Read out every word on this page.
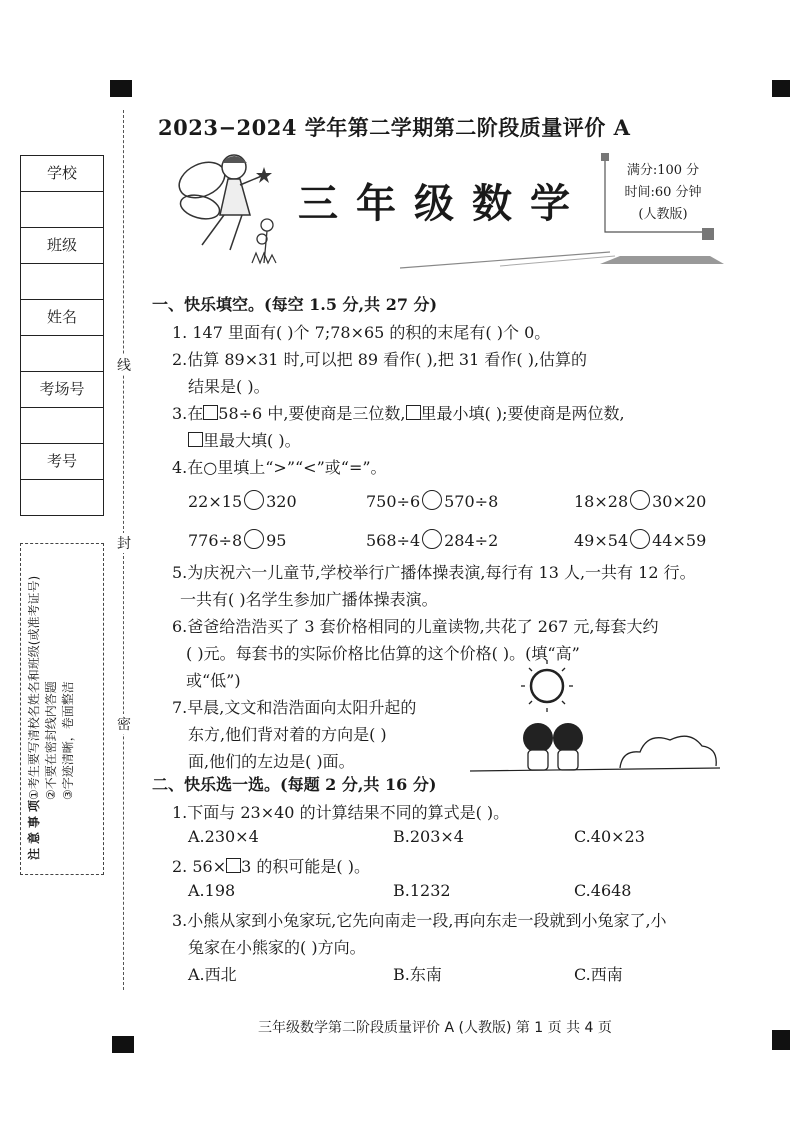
学校
班级
姓名
考场号
考号
线
封
密
注意事项
①考生要写清校名姓名和班级(或准考证号) ②不要在密封线内答题 ③字迹清晰，卷面整洁
2023−2024 学年第二学期第二阶段质量评价 A
三年级数学
满分:100 分
时间:60 分钟
(人教版)
一、快乐填空。(每空 1.5 分,共 27 分)
1. 147 里面有( )个 7;78×65 的积的末尾有( )个 0。
2.估算 89×31 时,可以把 89 看作( ),把 31 看作( ),估算的
结果是( )。
3.在 58÷6 中,要使商是三位数, 里最小填( );要使商是两位数,
里最大填( )。
4.在○里填上“>”“<”或“=”。
22×15 320	750÷6 570÷8	18×28 30×20
776÷8 95	568÷4 284÷2	49×54 44×59
5.为庆祝六一儿童节,学校举行广播体操表演,每行有 13 人,一共有 12 行。
一共有( )名学生参加广播体操表演。
6.爸爸给浩浩买了 3 套价格相同的儿童读物,共花了 267 元,每套大约
( )元。每套书的实际价格比估算的这个价格( )。(填“高”
或“低”)
7.早晨,文文和浩浩面向太阳升起的
东方,他们背对着的方向是( )
面,他们的左边是( )面。
二、快乐选一选。(每题 2 分,共 16 分)
1.下面与 23×40 的计算结果不同的算式是( )。
A.230×4	B.203×4	C.40×23
2. 56× 3 的积可能是( )。
A.198	B.1232	C.4648
3.小熊从家到小兔家玩,它先向南走一段,再向东走一段就到小兔家了,小
兔家在小熊家的( )方向。
A.西北	B.东南	C.西南
三年级数学第二阶段质量评价 A (人教版) 第 1 页 共 4 页
